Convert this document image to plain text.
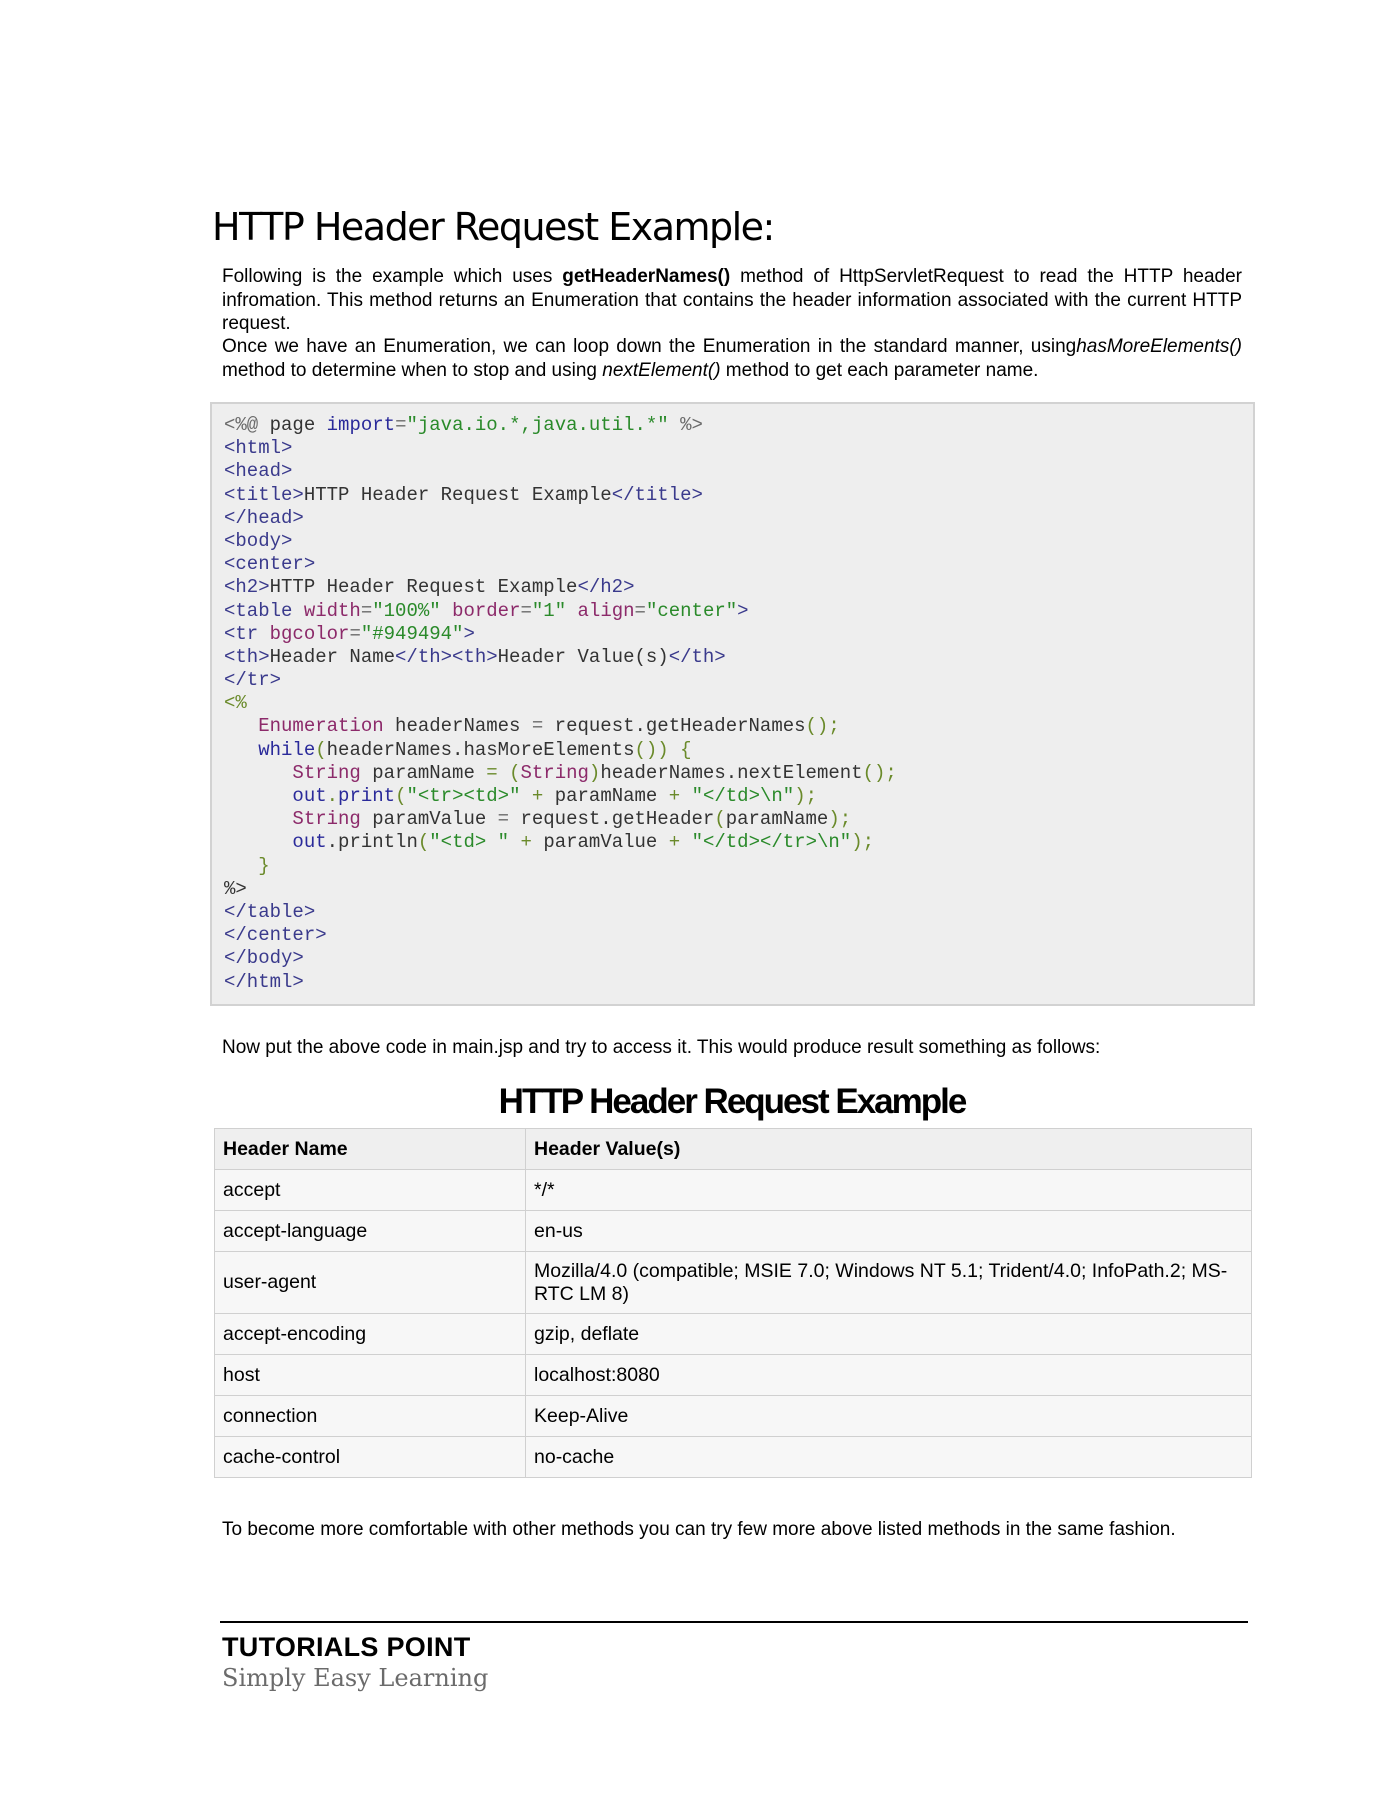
HTTP Header Request Example:

Following is the example which uses getHeaderNames() method of HttpServletRequest to read the HTTP header infromation. This method returns an Enumeration that contains the header information associated with the current HTTP request.

Once we have an Enumeration, we can loop down the Enumeration in the standard manner, usinghasMoreElements() method to determine when to stop and using nextElement() method to get each parameter name.

<%@ page import="java.io.*,java.util.*" %>
<html>
<head>
<title>HTTP Header Request Example</title>
</head>
<body>
<center>
<h2>HTTP Header Request Example</h2>
<table width="100%" border="1" align="center">
<tr bgcolor="#949494">
<th>Header Name</th><th>Header Value(s)</th>
</tr>
<%
Enumeration headerNames = request.getHeaderNames();
while(headerNames.hasMoreElements()) {
String paramName = (String)headerNames.nextElement();
out.print("<tr><td>" + paramName + "</td>\n");
String paramValue = request.getHeader(paramName);
out.println("<td> " + paramValue + "</td></tr>\n");
}
%>
</table>
</center>
</body>
</html>

Now put the above code in main.jsp and try to access it. This would produce result something as follows:

HTTP Header Request Example
Header Name	Header Value(s)
accept	*/*
accept-language	en-us
user-agent	Mozilla/4.0 (compatible; MSIE 7.0; Windows NT 5.1; Trident/4.0; InfoPath.2; MS-RTC LM 8)
accept-encoding	gzip, deflate
host	localhost:8080
connection	Keep-Alive
cache-control	no-cache

To become more comfortable with other methods you can try few more above listed methods in the same fashion.

TUTORIALS POINT
Simply Easy Learning
